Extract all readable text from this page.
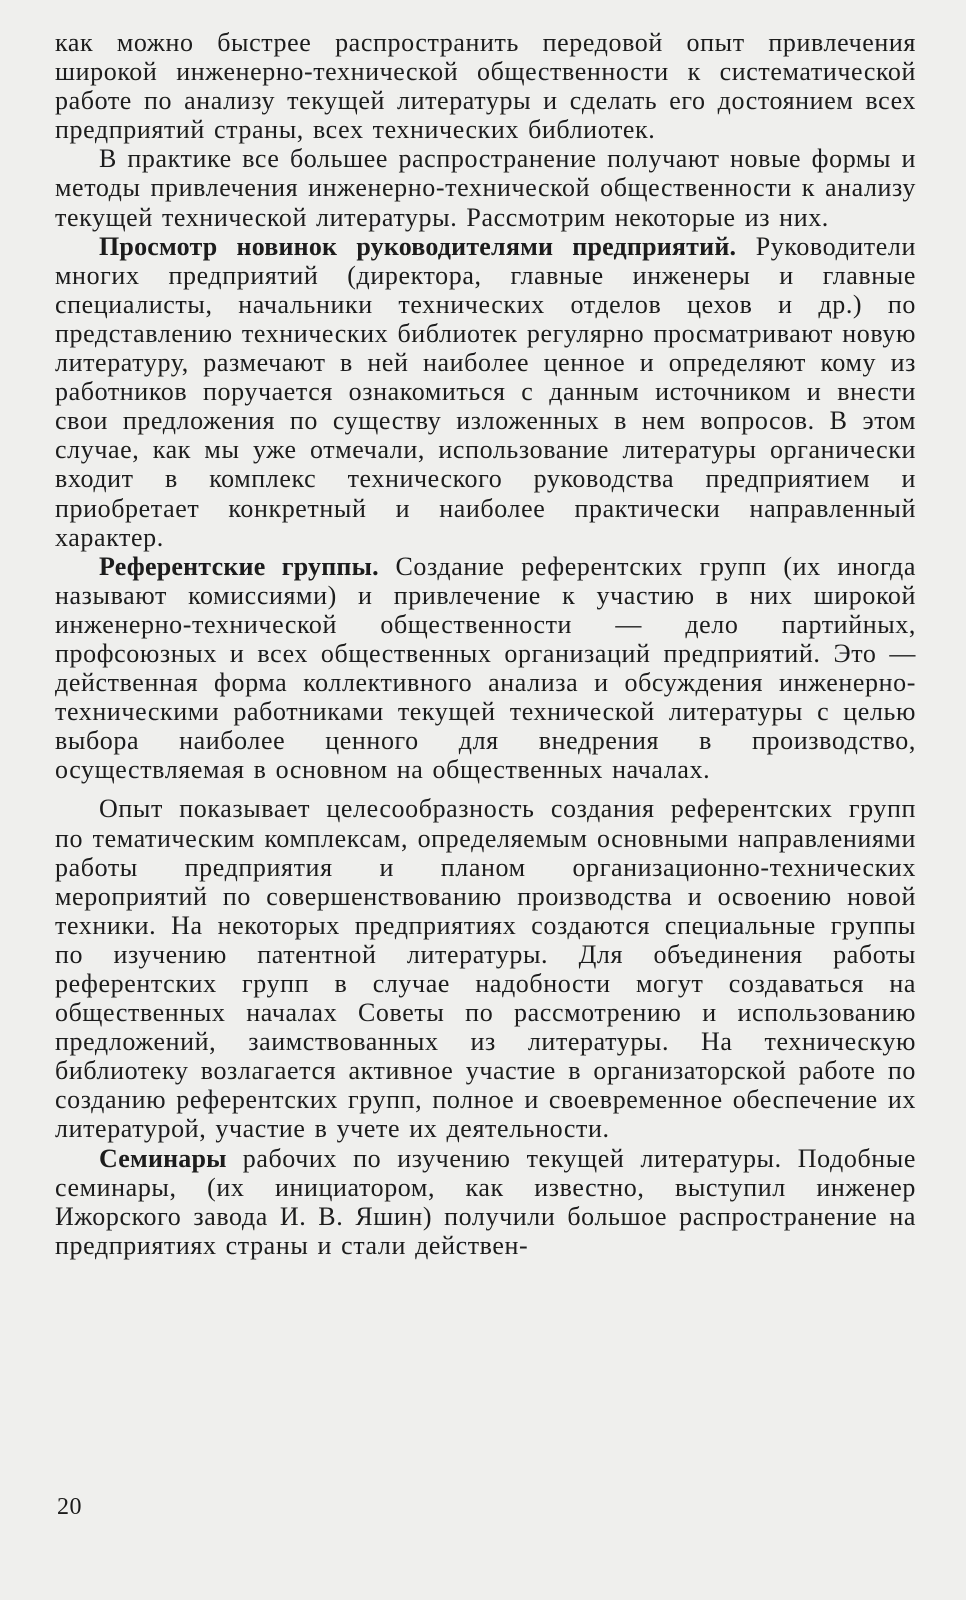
как можно быстрее распространить передовой опыт привлечения широкой инженерно-технической общественности к систематической работе по анализу текущей литературы и сделать его достоянием всех предприятий страны, всех технических библиотек.

В практике все большее распространение получают новые формы и методы привлечения инженерно-технической общественности к анализу текущей технической литературы. Рассмотрим некоторые из них.

Просмотр новинок руководителями предприятий. Руководители многих предприятий (директора, главные инженеры и главные специалисты, начальники технических отделов цехов и др.) по представлению технических библиотек регулярно просматривают новую литературу, размечают в ней наиболее ценное и определяют кому из работников поручается ознакомиться с данным источником и внести свои предложения по существу изложенных в нем вопросов. В этом случае, как мы уже отмечали, использование литературы органически входит в комплекс технического руководства предприятием и приобретает конкретный и наиболее практически направленный характер.

Референтские группы. Создание референтских групп (их иногда называют комиссиями) и привлечение к участию в них широкой инженерно-технической общественности — дело партийных, профсоюзных и всех общественных организаций предприятий. Это — действенная форма коллективного анализа и обсуждения инженерно-техническими работниками текущей технической литературы с целью выбора наиболее ценного для внедрения в производство, осуществляемая в основном на общественных началах.

Опыт показывает целесообразность создания референтских групп по тематическим комплексам, определяемым основными направлениями работы предприятия и планом организационно-технических мероприятий по совершенствованию производства и освоению новой техники. На некоторых предприятиях создаются специальные группы по изучению патентной литературы. Для объединения работы референтских групп в случае надобности могут создаваться на общественных началах Советы по рассмотрению и использованию предложений, заимствованных из литературы. На техническую библиотеку возлагается активное участие в организаторской работе по созданию референтских групп, полное и своевременное обеспечение их литературой, участие в учете их деятельности.

Семинары рабочих по изучению текущей литературы. Подобные семинары, (их инициатором, как известно, выступил инженер Ижорского завода И. В. Яшин) получили большое распространение на предприятиях страны и стали действен-

20
